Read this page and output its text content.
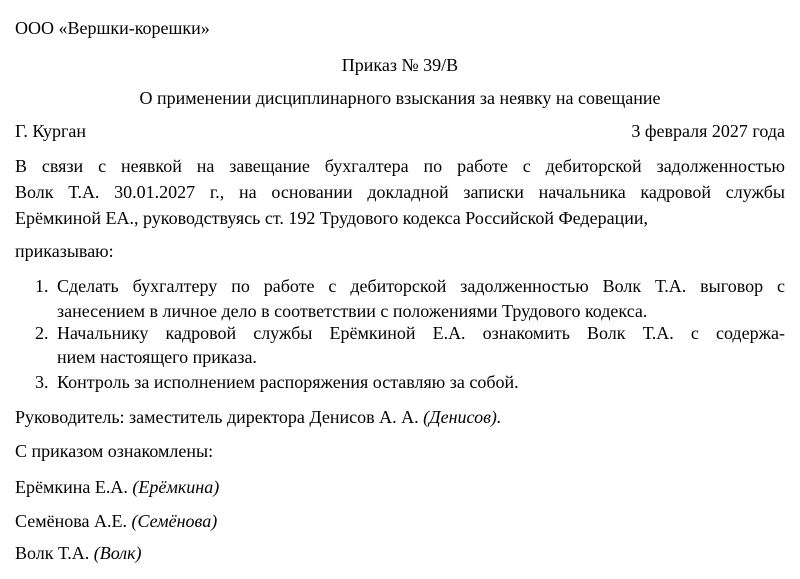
ООО «Вершки-корешки»
Приказ № 39/В
О применении дисциплинарного взыскания за неявку на совещание
Г. Курган	3 февраля 2027 года
В связи с неявкой на завещание бухгалтера по работе с дебиторской задолженностью
Волк Т.А. 30.01.2027 г., на основании докладной записки начальника кадровой службы
Ерёмкиной ЕА., руководствуясь ст. 192 Трудового кодекса Российской Федерации,
приказываю:
1. Сделать бухгалтеру по работе с дебиторской задолженностью Волк Т.А. выговор с
занесением в личное дело в соответствии с положениями Трудового кодекса.
2. Начальнику кадровой службы Ерёмкиной Е.А. ознакомить Волк Т.А. с содержа-
нием настоящего приказа.
3. Контроль за исполнением распоряжения оставляю за собой.
Руководитель: заместитель директора Денисов А. А. (Денисов).
С приказом ознакомлены:
Ерёмкина Е.А. (Ерёмкина)
Семёнова А.Е. (Семёнова)
Волк Т.А. (Волк)
